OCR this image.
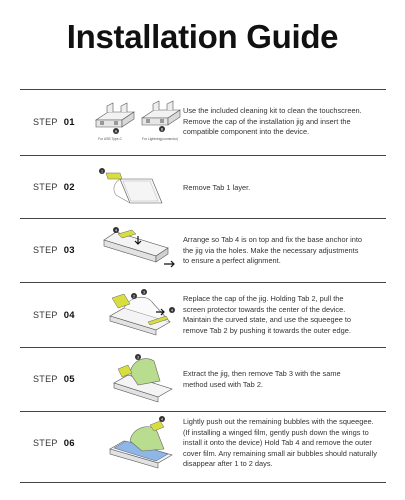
Installation Guide
STEP 01
A	B
For USB Type-C	For Lightning(connector)
Use the included cleaning kit to clean the touchscreen.
Remove the cap of the installation jig and insert the
compatible component into the device.
STEP 02
1
Remove Tab 1 layer.
STEP 03
4
Arrange so Tab 4 is on top and fix the base anchor into
the jig via the holes. Make the necessary adjustments
to ensure a perfect alignment.
STEP 04
2
3
4
Replace the cap of the jig. Holding Tab 2, pull the
screen protector towards the center of the device.
Maintain the curved state, and use the squeegee to
remove Tab 2 by pushing it towards the outer edge.
STEP 05
3
Extract the jig, then remove Tab 3 with the same
method used with Tab 2.
STEP 06
4	Lightly push out the remaining bubbles with the squeegee.
(If installing a winged film, gently push down the wings to
install it onto the device) Hold Tab 4 and remove the outer
cover film. Any remaining small air bubbles should naturally
disappear after 1 to 2 days.
